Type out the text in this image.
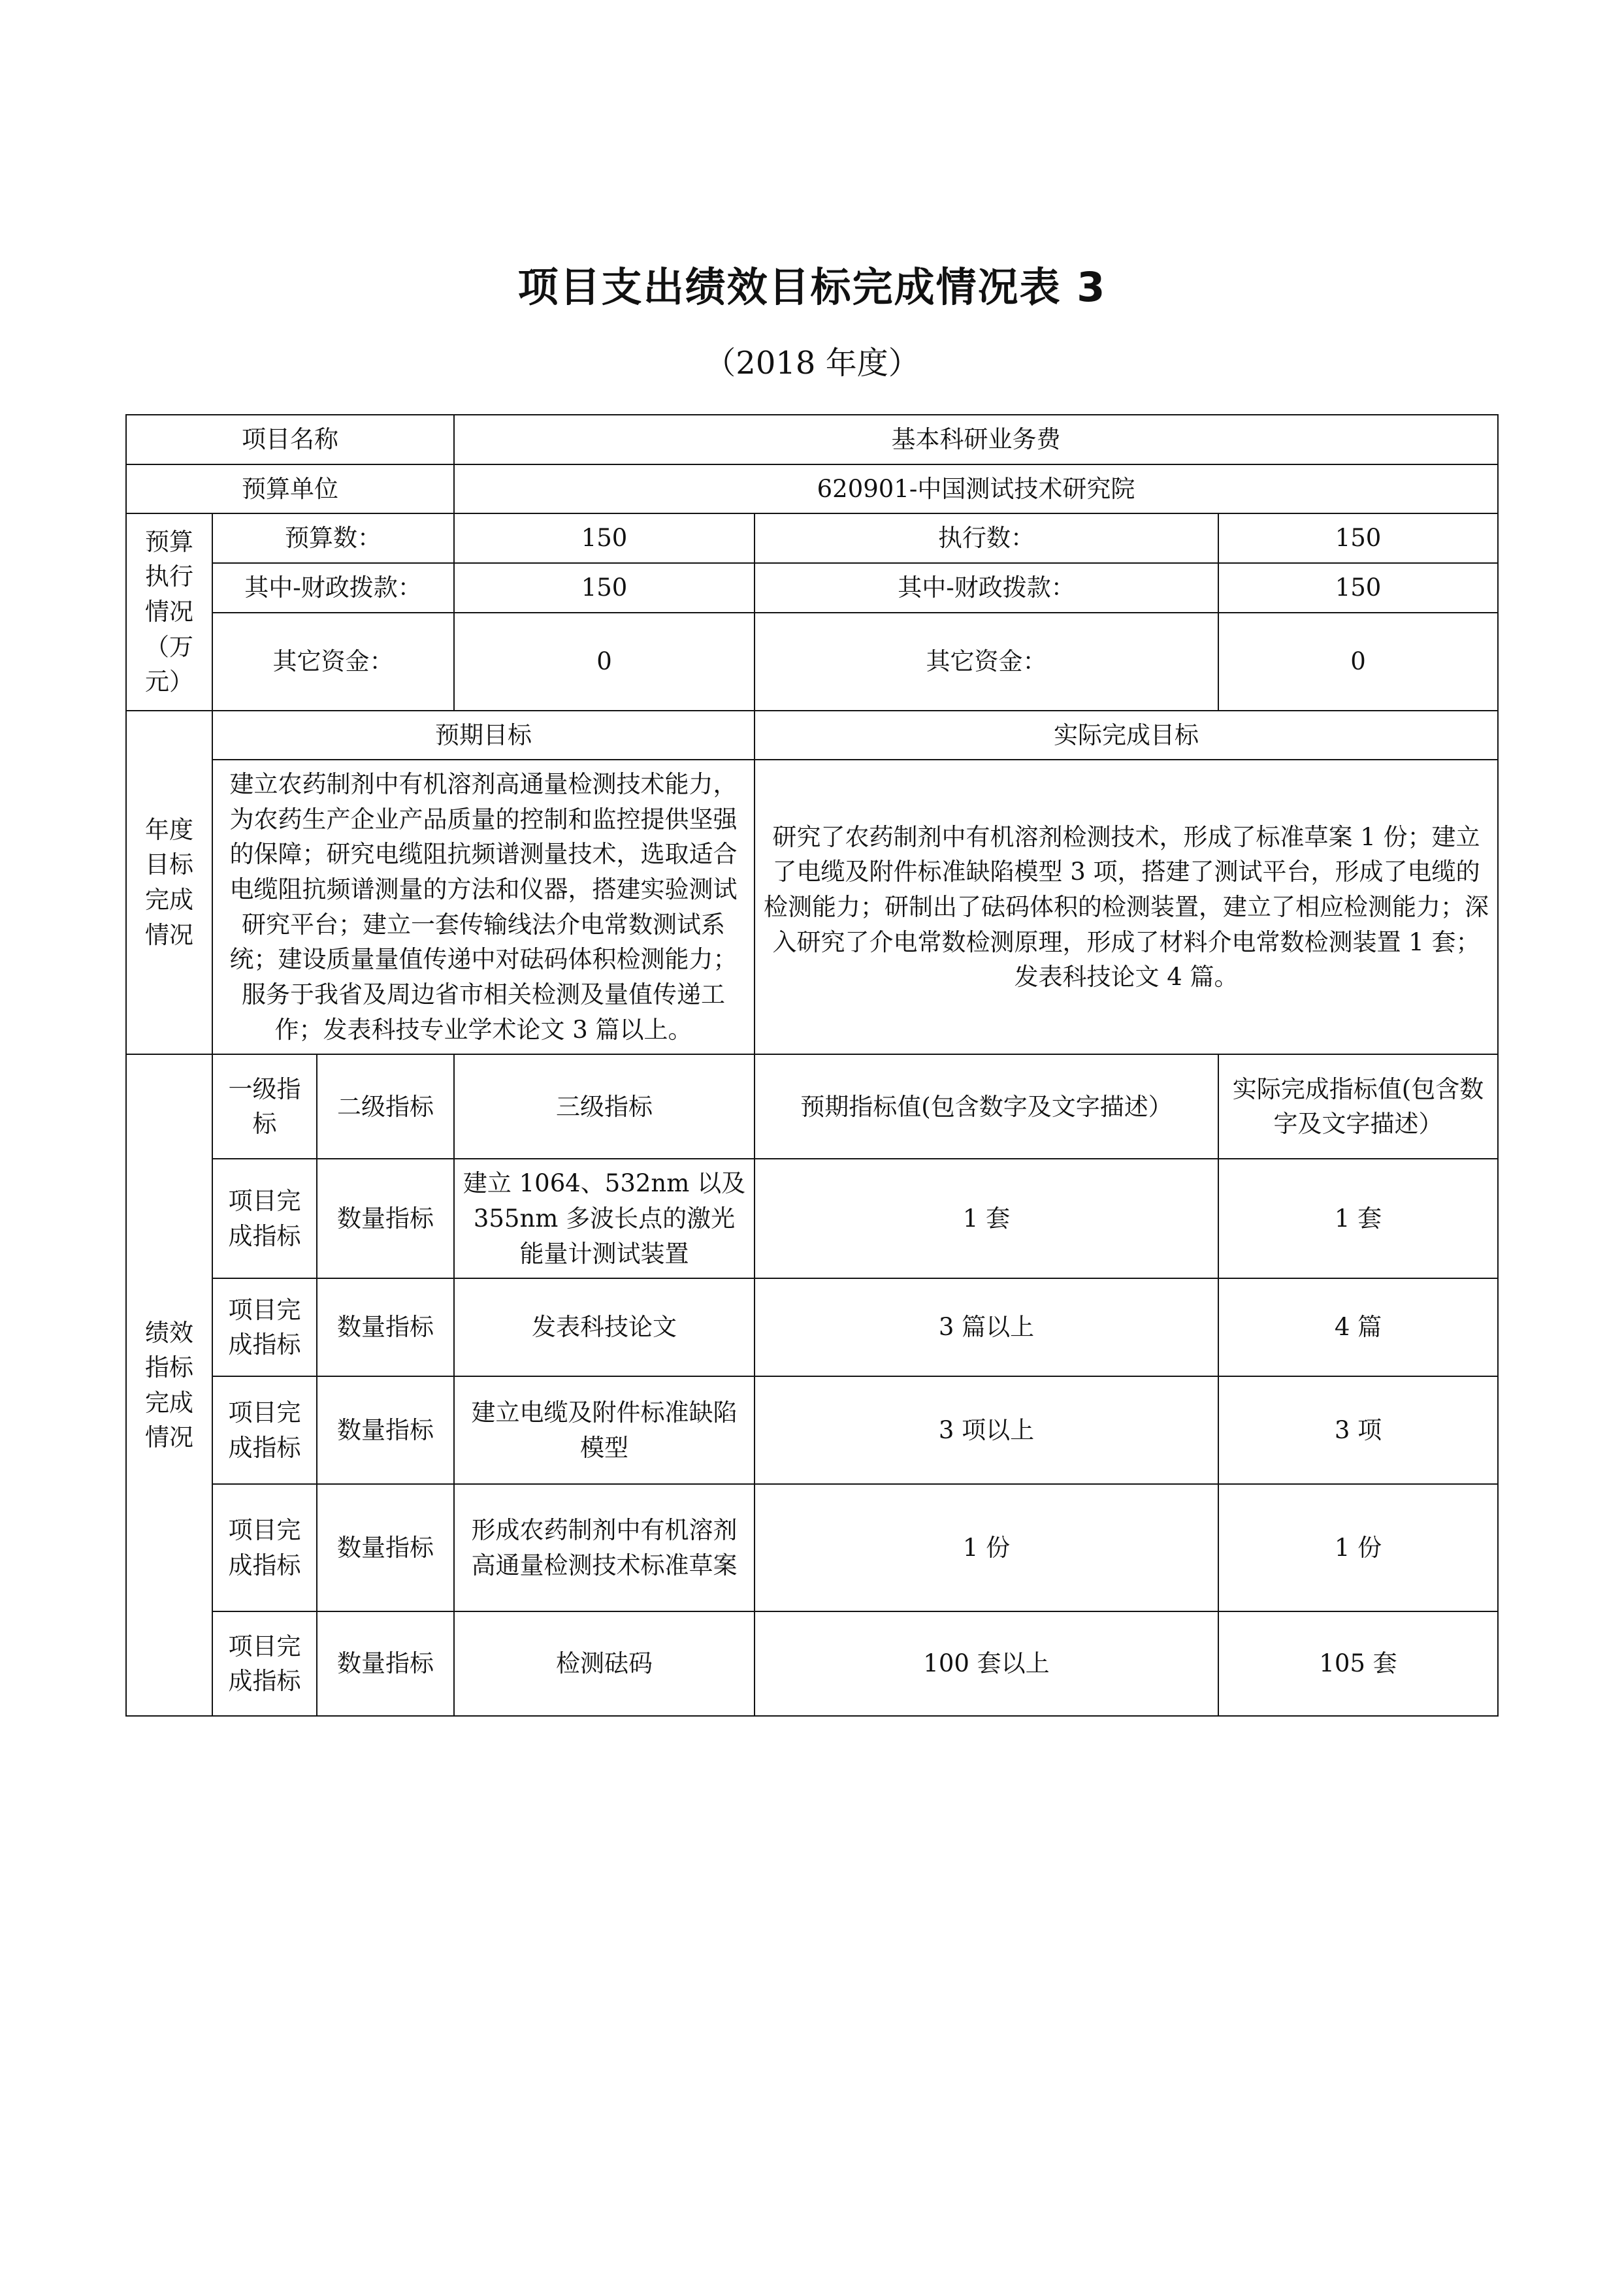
项目支出绩效目标完成情况表 3
（2018 年度）
项目名称			基本科研业务费		
预算单位			620901-中国测试技术研究院		
预算执行情况（万元）	预算数：		150	执行数：	150
	其中-财政拨款：		150	其中-财政拨款：	150
	其它资金：		0	其它资金：	0
年度目标完成情况	预期目标			实际完成目标	
	建立农药制剂中有机溶剂高通量检测技术能力，为农药生产企业产品质量的控制和监控提供坚强的保障；研究电缆阻抗频谱测量技术，选取适合电缆阻抗频谱测量的方法和仪器，搭建实验测试研究平台；建立一套传输线法介电常数测试系统；建设质量量值传递中对砝码体积检测能力；服务于我省及周边省市相关检测及量值传递工作；发表科技专业学术论文 3 篇以上。			研究了农药制剂中有机溶剂检测技术，形成了标准草案 1 份；建立了电缆及附件标准缺陷模型 3 项，搭建了测试平台，形成了电缆的检测能力；研制出了砝码体积的检测装置，建立了相应检测能力；深入研究了介电常数检测原理，形成了材料介电常数检测装置 1 套；发表科技论文 4 篇。	
绩效指标完成情况	一级指标	二级指标	三级指标	预期指标值(包含数字及文字描述）	实际完成指标值(包含数字及文字描述）
	项目完成指标	数量指标	建立 1064、532nm 以及355nm 多波长点的激光能量计测试装置	1 套	1 套
	项目完成指标	数量指标	发表科技论文	3 篇以上	4 篇
	项目完成指标	数量指标	建立电缆及附件标准缺陷模型	3 项以上	3 项
	项目完成指标	数量指标	形成农药制剂中有机溶剂高通量检测技术标准草案	1 份	1 份
	项目完成指标	数量指标	检测砝码	100 套以上	105 套
